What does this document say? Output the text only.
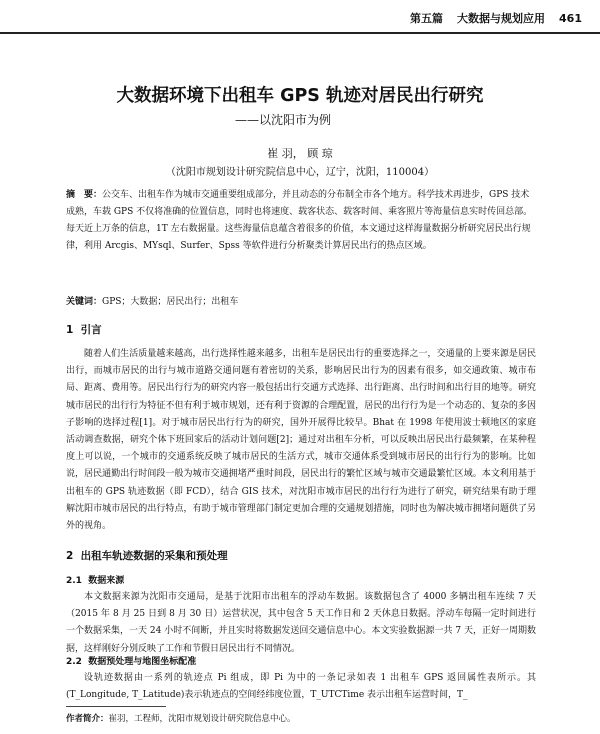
第五篇 大数据与规划应用 461
大数据环境下出租车 GPS 轨迹对居民出行研究
——以沈阳市为例
崔 羽， 顾 琼
（沈阳市规划设计研究院信息中心，辽宁，沈阳，110004）
摘　要：公交车、出租车作为城市交通重要组成部分，并且动态的分布制全市各个地方。科学技术再进步，GPS 技术成熟，车载 GPS 不仅将准确的位置信息，同时也将速度、载客状态、载客时间、乘客照片等海量信息实时传回总部。每天近上万条的信息，1T 左右数据量。这些海量信息蕴含着很多的价值，本文通过这样海量数据分析研究居民出行规律，利用 Arcgis、MYsql、Surfer、Spss 等软件进行分析聚类计算居民出行的热点区域。
关键词：GPS；大数据；居民出行；出租车
1 引言

随着人们生活质量越来越高，出行选择性越来越多，出租车是居民出行的重要选择之一，交通量的上要来源是居民出行，而城市居民的出行与城市道路交通问题有着密切的关系，影响居民出行为的因素有很多，如交通政策、城市布局、距离、费用等。居民出行行为的研究内容一般包括出行交通方式选择、出行距离、出行时间和出行目的地等。研究城市居民的出行行为特征不但有利于城市规划，还有利于资源的合理配置，居民的出行行为是一个动态的、复杂的多因子影响的选择过程[1]。对于城市居民出行行为的研究，国外开展得比较早。Bhat 在 1998 年使用波士顿地区的家庭活动调查数据，研究个体下班回家后的活动计划问题[2]；通过对出租车分析，可以反映出居民出行最频繁，在某种程度上可以说，一个城市的交通系统反映了城市居民的生活方式，城市交通体系受到城市居民的出行行为的影响。比如说，居民通勤出行时间段一般为城市交通拥堵严重时间段，居民出行的繁忙区域与城市交通最繁忙区域。本文利用基于出租车的 GPS 轨迹数据（即 FCD），结合 GIS 技术，对沈阳市城市居民的出行行为进行了研究，研究结果有助于理解沈阳市城市居民的出行特点，有助于城市管理部门制定更加合理的交通规划措施，同时也为解决城市拥堵问题供了另外的视角。

2 出租车轨迹数据的采集和预处理
2.1 数据来源

本文数据来源为沈阳市交通局，是基于沈阳市出租车的浮动车数据。该数据包含了 4000 多辆出租车连续 7 天（2015 年 8 月 25 日到 8 月 30 日）运营状况，其中包含 5 天工作日和 2 天休息日数据。浮动车每隔一定时间进行一个数据采集，一天 24 小时不间断，并且实时将数据发送回交通信息中心。本文实验数据源一共 7 天，正好一周期数据，这样刚好分别反映了工作和节假日居民出行不同情况。

2.2 数据预处理与地图坐标配准

设轨迹数据由一系列的轨迹点 Pi 组成，即 Pi 为中的一条记录如表 1 出租车 GPS 返回属性表所示。其(T_Longitude, T_Latitude)表示轨迹点的空间经纬度位置，T_UTCTime 表示出租车运营时间，T_

作者简介：崔羽，工程师，沈阳市规划设计研究院信息中心。
